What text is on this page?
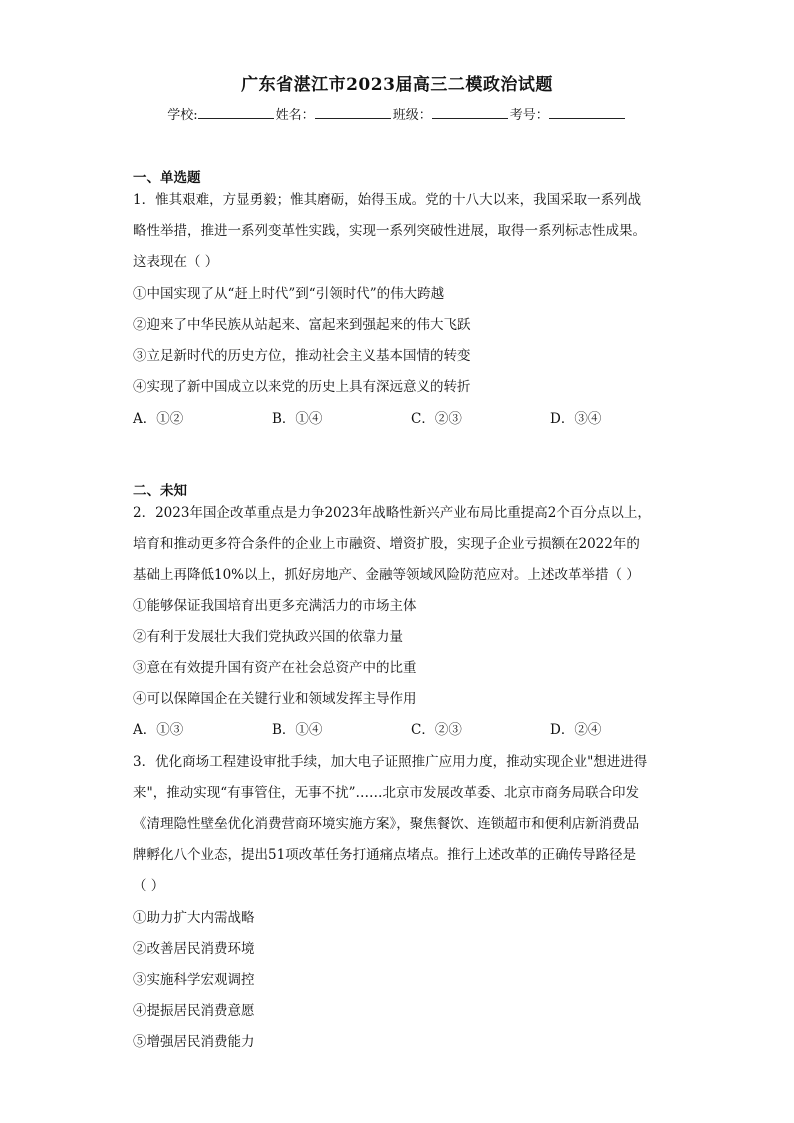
广东省湛江市2023届高三二模政治试题
学校:	姓名：	班级：	考号：
一、单选题
1．惟其艰难，方显勇毅；惟其磨砺，始得玉成。党的十八大以来，我国采取一系列战
略性举措，推进一系列变革性实践，实现一系列突破性进展，取得一系列标志性成果。
这表现在（ ）
①中国实现了从“赶上时代”到“引领时代”的伟大跨越
②迎来了中华民族从站起来、富起来到强起来的伟大飞跃
③立足新时代的历史方位，推动社会主义基本国情的转变
④实现了新中国成立以来党的历史上具有深远意义的转折
A．①②	B．①④	C．②③	D．③④
二、未知
2．2023年国企改革重点是力争2023年战略性新兴产业布局比重提高2个百分点以上，
培育和推动更多符合条件的企业上市融资、增资扩股，实现子企业亏损额在2022年的
基础上再降低10%以上，抓好房地产、金融等领域风险防范应对。上述改革举措（ ）
①能够保证我国培育出更多充满活力的市场主体
②有利于发展壮大我们党执政兴国的依靠力量
③意在有效提升国有资产在社会总资产中的比重
④可以保障国企在关键行业和领域发挥主导作用
A．①③	B．①④	C．②③	D．②④
3．优化商场工程建设审批手续，加大电子证照推广应用力度，推动实现企业"想进进得
来"，推动实现“有事管住，无事不扰”……北京市发展改革委、北京市商务局联合印发
《清理隐性壁垒优化消费营商环境实施方案》，聚焦餐饮、连锁超市和便利店新消费品
牌孵化八个业态，提出51项改革任务打通痛点堵点。推行上述改革的正确传导路径是
（ ）
①助力扩大内需战略
②改善居民消费环境
③实施科学宏观调控
④提振居民消费意愿
⑤增强居民消费能力
